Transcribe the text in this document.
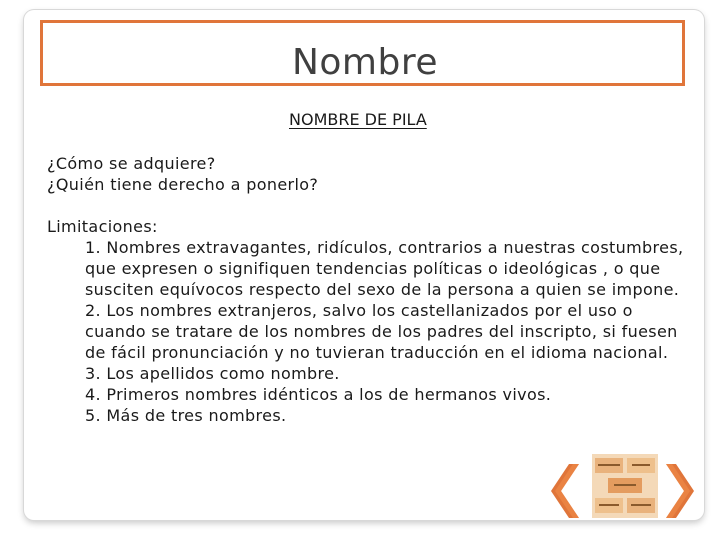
Nombre
NOMBRE DE PILA

¿Cómo se adquiere?

¿Quién tiene derecho a ponerlo?

Limitaciones:

1. Nombres extravagantes, ridículos, contrarios a nuestras costumbres, que expresen o signifiquen tendencias políticas o ideológicas , o que susciten equívocos respecto del sexo de la persona a quien se impone.
2. Los nombres extranjeros, salvo los castellanizados por el uso o cuando se tratare de los nombres de los padres del inscripto, si fuesen de fácil pronunciación y no tuvieran traducción en el idioma nacional.
3. Los apellidos como nombre.
4. Primeros nombres idénticos a los de hermanos vivos.
5. Más de tres nombres.
